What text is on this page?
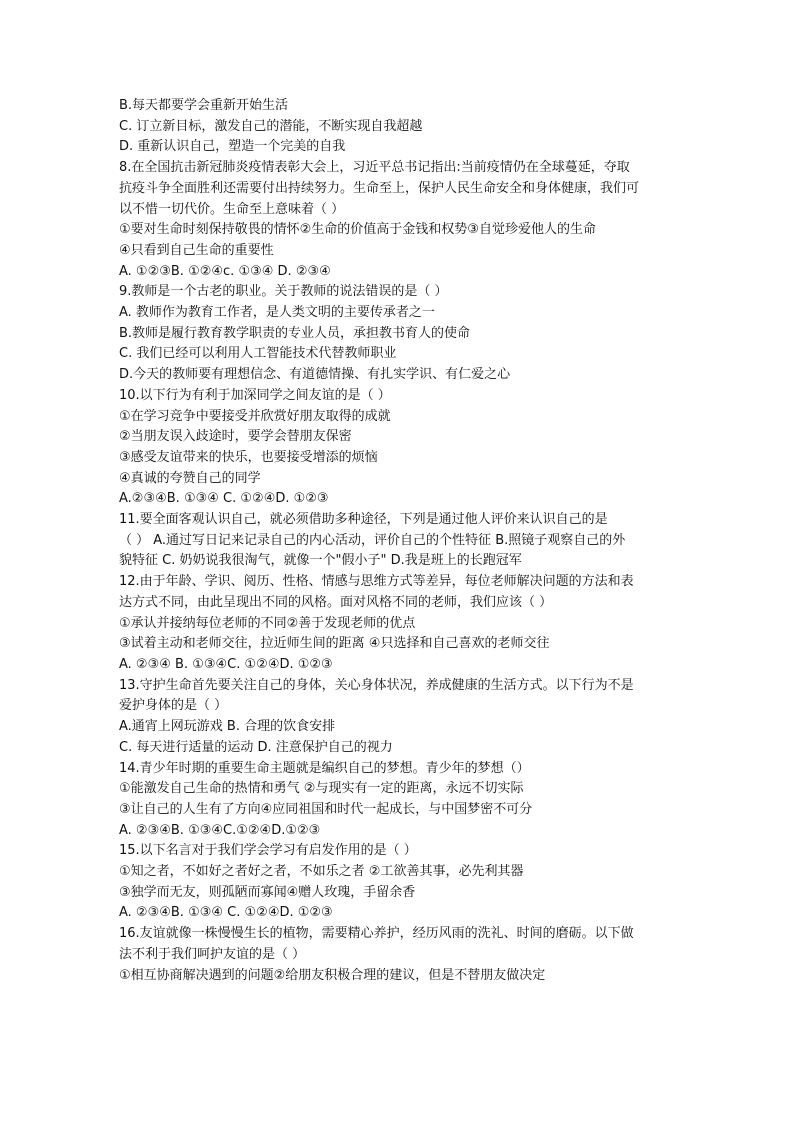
B.每天都要学会重新开始生活
C. 订立新目标，激发自己的潜能，不断实现自我超越
D. 重新认识自己，塑造一个完美的自我
8.在全国抗击新冠肺炎疫情表彰大会上，习近平总书记指出:当前疫情仍在全球蔓延，夺取
抗疫斗争全面胜利还需要付出持续努力。生命至上，保护人民生命安全和身体健康，我们可
以不惜一切代价。生命至上意味着（ ）
①要对生命时刻保持敬畏的情怀②生命的价值高于金钱和权势③自觉珍爱他人的生命
④只看到自己生命的重要性
A. ①②③B. ①②④c. ①③④ D. ②③④
9.教师是一个古老的职业。关于教师的说法错误的是（ ）
A. 教师作为教育工作者，是人类文明的主要传承者之一
B.教师是履行教育教学职责的专业人员，承担教书育人的使命
C. 我们已经可以利用人工智能技术代替教师职业
D.今天的教师要有理想信念、有道德情操、有扎实学识、有仁爱之心
10.以下行为有利于加深同学之间友谊的是（ ）
①在学习竞争中要接受并欣赏好朋友取得的成就
②当朋友误入歧途时，要学会替朋友保密
③感受友谊带来的快乐，也要接受增添的烦恼
④真诚的夸赞自己的同学
A.②③④B. ①③④ C. ①②④D. ①②③
11.要全面客观认识自己，就必须借助多种途径，下列是通过他人评价来认识自己的是
（ ） A.通过写日记来记录自己的内心活动，评价自己的个性特征 B.照镜子观察自己的外
貌特征 C. 奶奶说我很淘气，就像一个"假小子" D.我是班上的长跑冠军
12.由于年龄、学识、阅历、性格、情感与思维方式等差异，每位老师解决问题的方法和表
达方式不同，由此呈现出不同的风格。面对风格不同的老师，我们应该（ ）
①承认并接纳每位老师的不同②善于发现老师的优点
③试着主动和老师交往，拉近师生间的距离 ④只选择和自己喜欢的老师交往
A. ②③④ B. ①③④C. ①②④D. ①②③
13.守护生命首先要关注自己的身体，关心身体状况，养成健康的生活方式。以下行为不是
爱护身体的是（ ）
A.通宵上网玩游戏 B. 合理的饮食安排
C. 每天进行适量的运动 D. 注意保护自己的视力
14.青少年时期的重要生命主题就是编织自己的梦想。青少年的梦想（）
①能激发自己生命的热情和勇气 ②与现实有一定的距离，永远不切实际
③让自己的人生有了方向④应同祖国和时代一起成长，与中国梦密不可分
A. ②③④B. ①③④C.①②④D.①②③
15.以下名言对于我们学会学习有启发作用的是（ ）
①知之者，不如好之者好之者，不如乐之者 ②工欲善其事，必先利其器
③独学而无友，则孤陋而寡闻④赠人玫瑰，手留余香
A. ②③④B. ①③④ C. ①②④D. ①②③
16.友谊就像一株慢慢生长的植物，需要精心养护，经历风雨的洗礼、时间的磨砺。以下做
法不利于我们呵护友谊的是（ ）
①相互协商解决遇到的问题②给朋友积极合理的建议，但是不替朋友做决定
